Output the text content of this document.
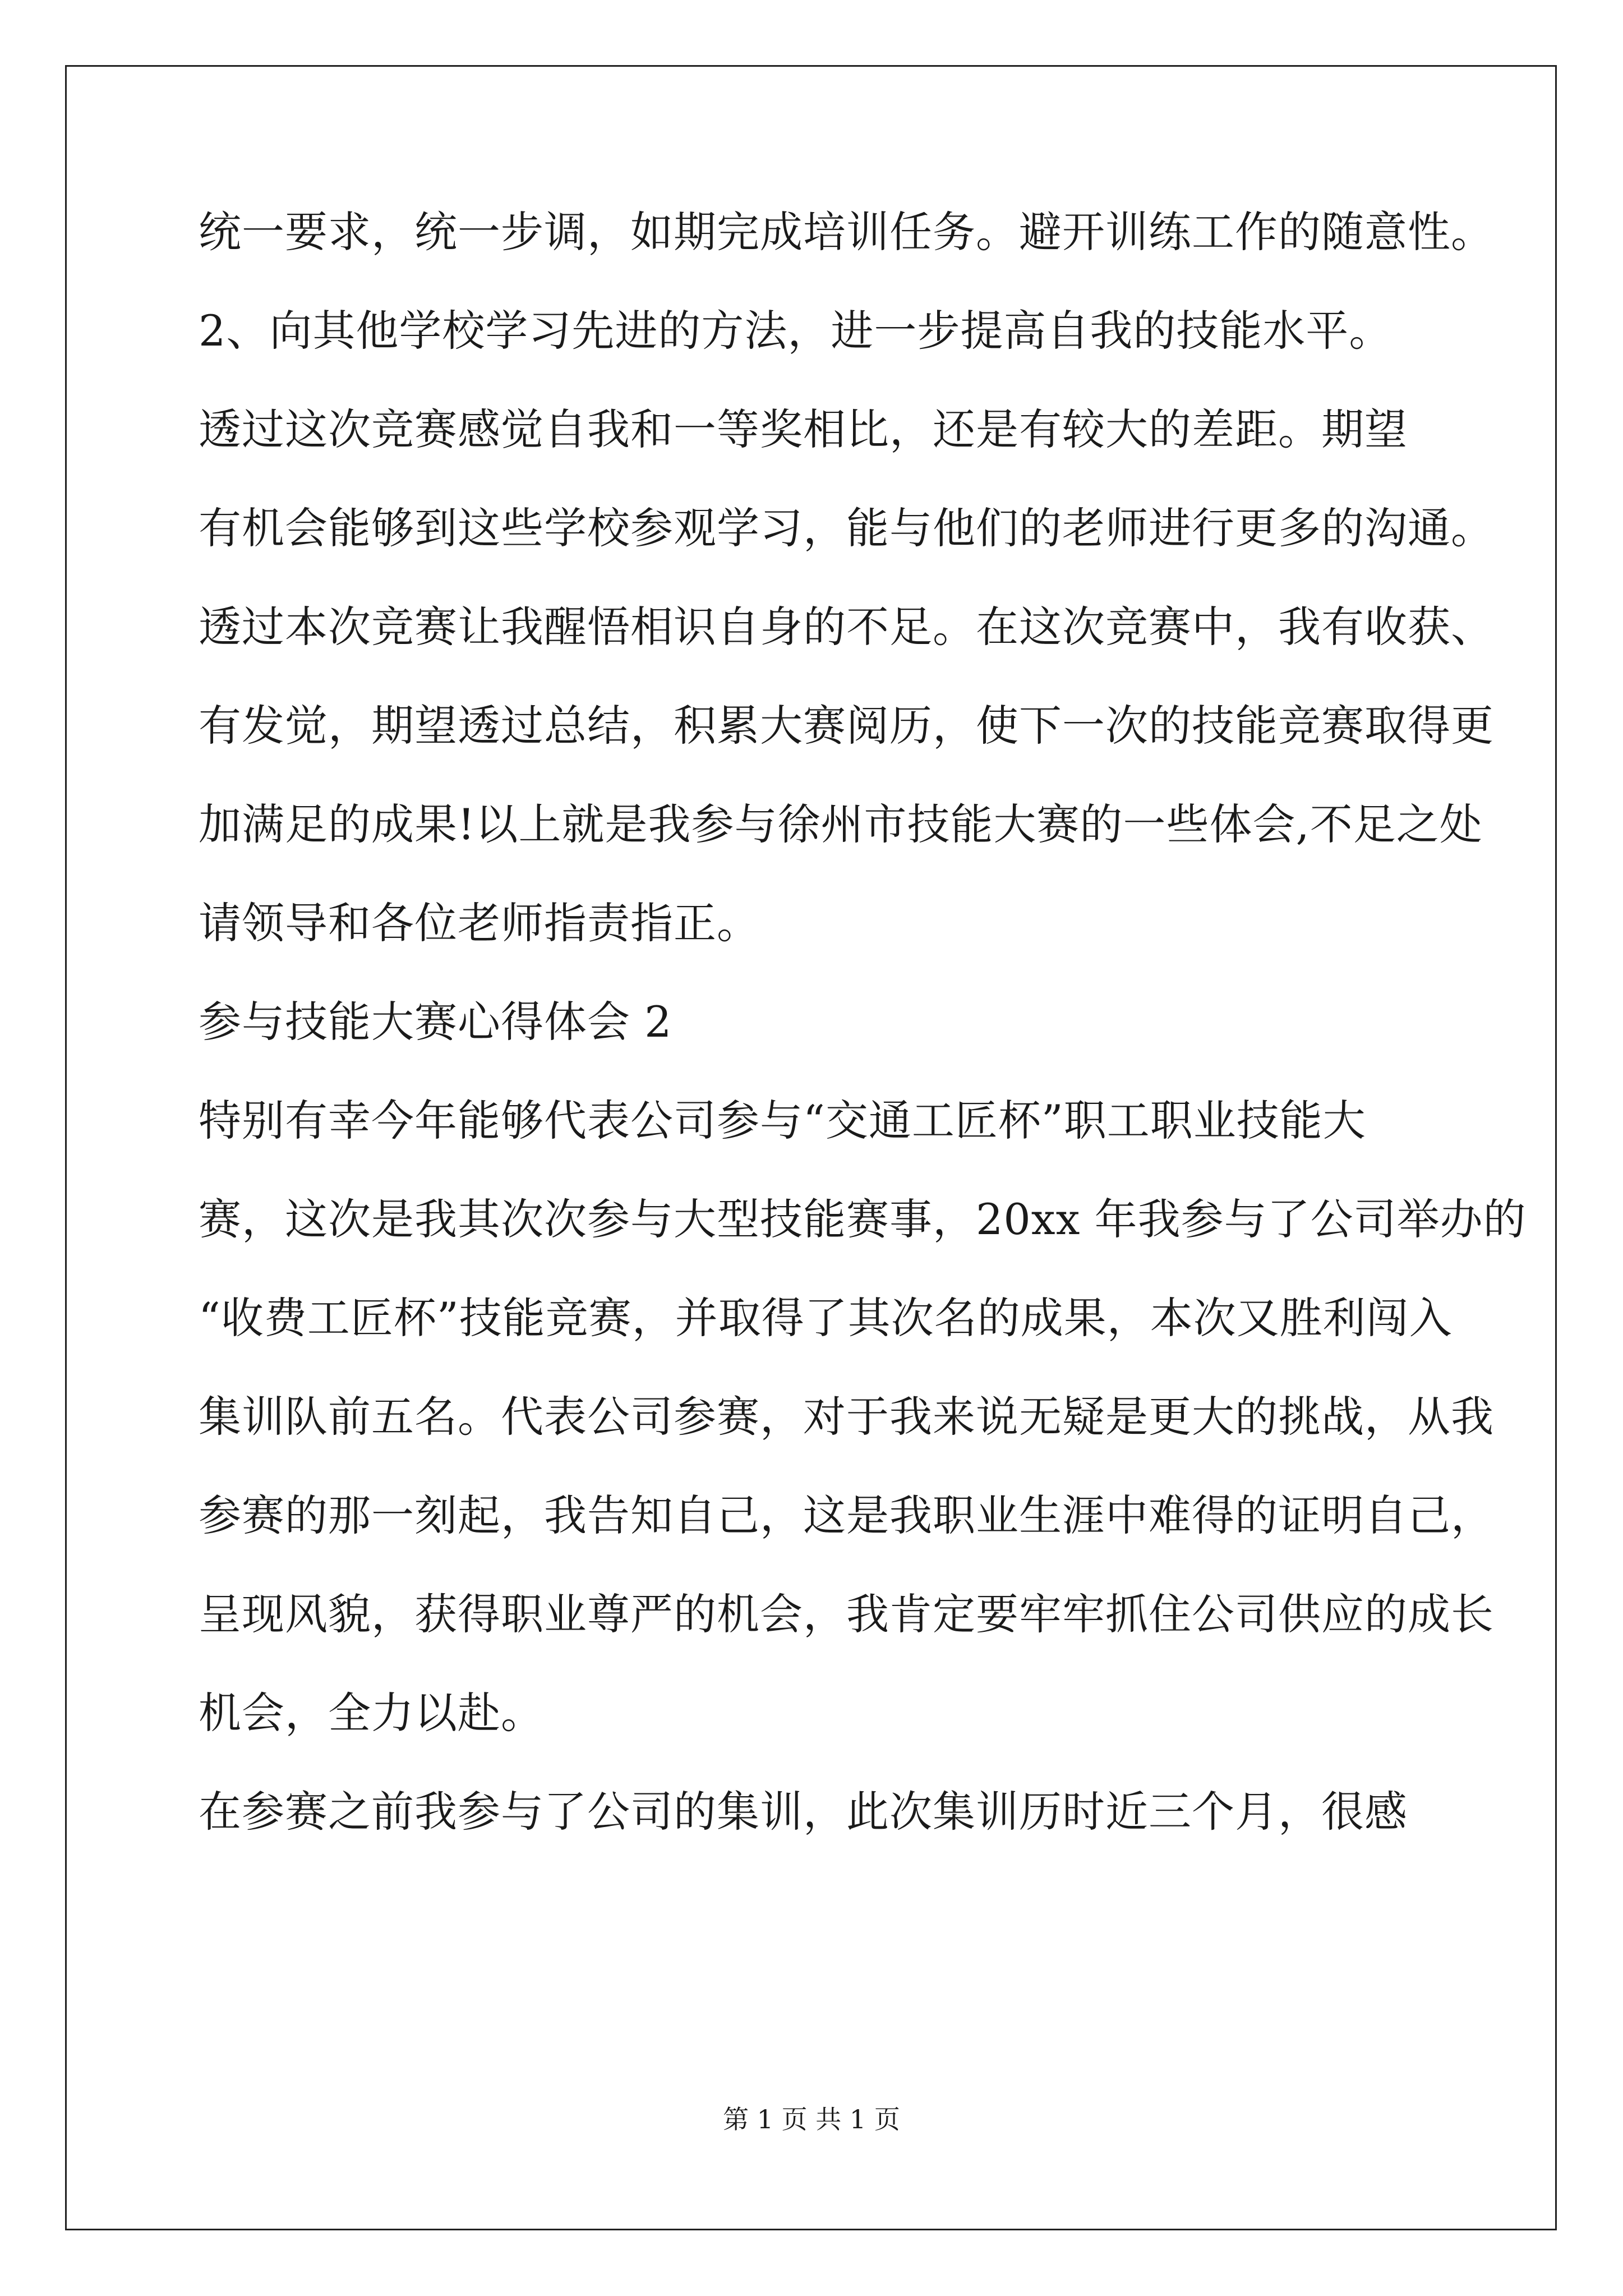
统一要求，统一步调，如期完成培训任务。避开训练工作的随意性。
2、向其他学校学习先进的方法，进一步提高自我的技能水平。
透过这次竞赛感觉自我和一等奖相比，还是有较大的差距。期望
有机会能够到这些学校参观学习，能与他们的老师进行更多的沟通。
透过本次竞赛让我醒悟相识自身的不足。在这次竞赛中，我有收获、
有发觉，期望透过总结，积累大赛阅历，使下一次的技能竞赛取得更
加满足的成果!以上就是我参与徐州市技能大赛的一些体会,不足之处
请领导和各位老师指责指正。
参与技能大赛心得体会 2
特别有幸今年能够代表公司参与“交通工匠杯”职工职业技能大
赛，这次是我其次次参与大型技能赛事，20xx 年我参与了公司举办的
“收费工匠杯”技能竞赛，并取得了其次名的成果，本次又胜利闯入
集训队前五名。代表公司参赛，对于我来说无疑是更大的挑战，从我
参赛的那一刻起，我告知自己，这是我职业生涯中难得的证明自己，
呈现风貌，获得职业尊严的机会，我肯定要牢牢抓住公司供应的成长
第 1 页 共 1 页
机会，全力以赴。
在参赛之前我参与了公司的集训，此次集训历时近三个月，很感
